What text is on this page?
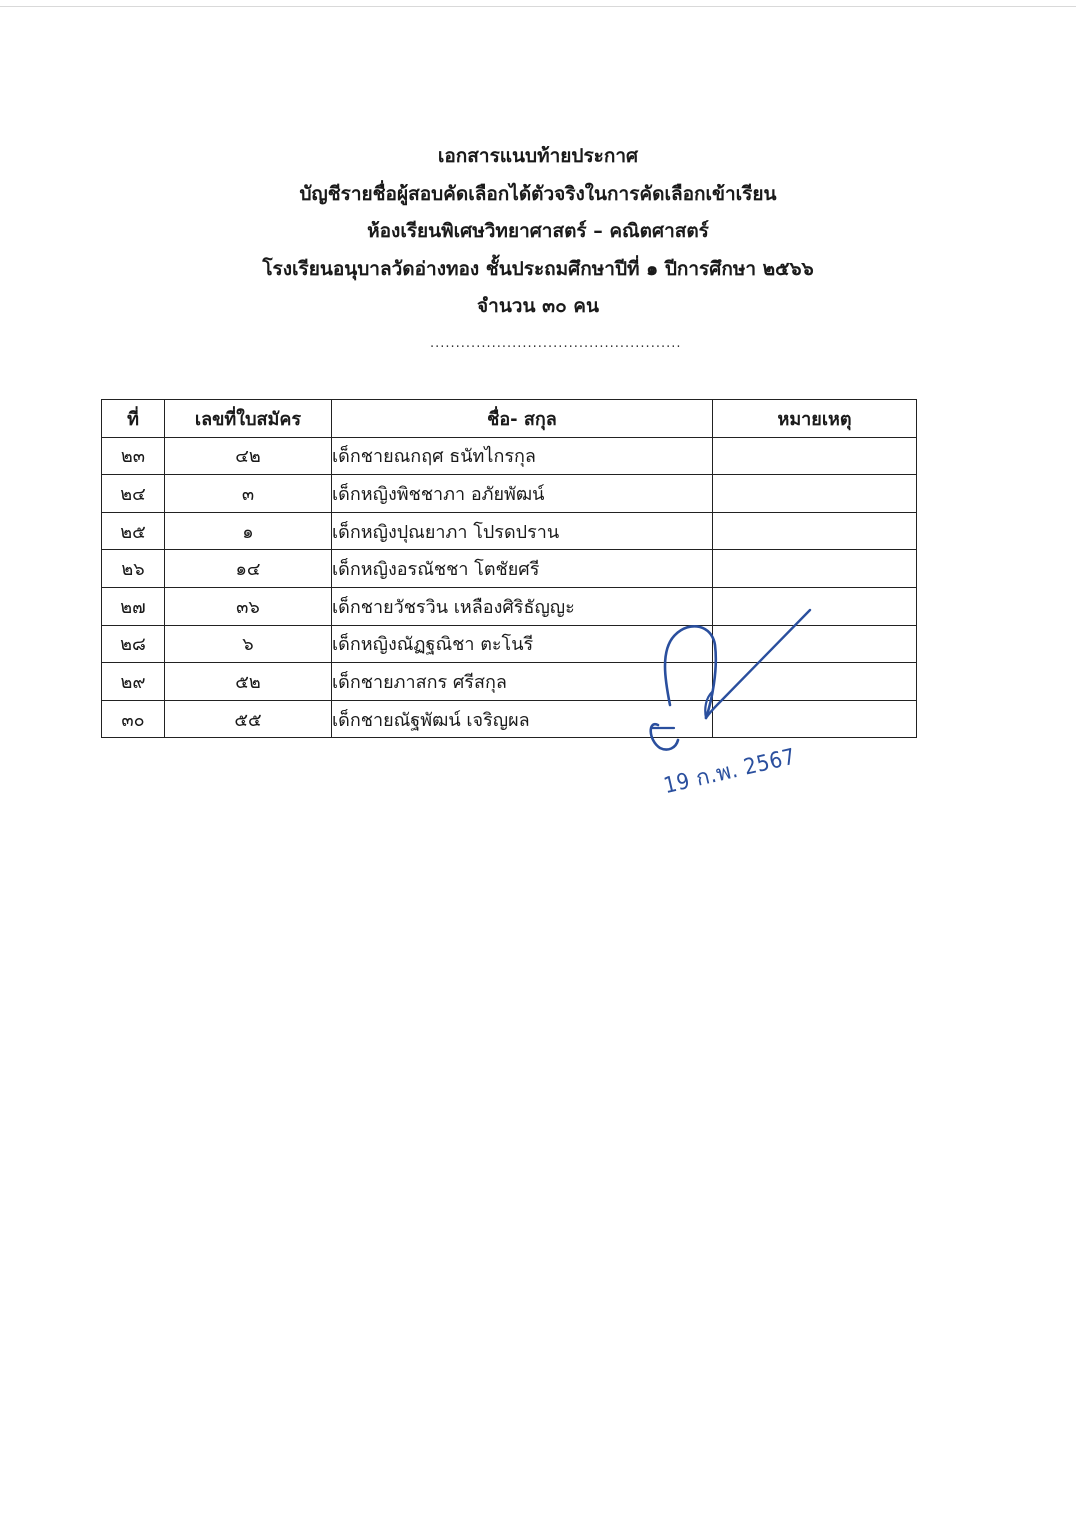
เอกสารแนบท้ายประกาศ
บัญชีรายชื่อผู้สอบคัดเลือกได้ตัวจริงในการคัดเลือกเข้าเรียน
ห้องเรียนพิเศษวิทยาศาสตร์ – คณิตศาสตร์
โรงเรียนอนุบาลวัดอ่างทอง ชั้นประถมศึกษาปีที่ ๑ ปีการศึกษา ๒๕๖๖
จำนวน ๓๐ คน
.................................................
ที่	เลขที่ใบสมัคร	ชื่อ- สกุล	หมายเหตุ
๒๓	๔๒	เด็กชายณกฤศ ธนัทไกรกุล	
๒๔	๓	เด็กหญิงพิชชาภา อภัยพัฒน์	
๒๕	๑	เด็กหญิงปุณยาภา โปรดปราน	
๒๖	๑๔	เด็กหญิงอรณัชชา โตชัยศรี	
๒๗	๓๖	เด็กชายวัชรวิน เหลืองศิริธัญญะ	
๒๘	๖	เด็กหญิงณัฏฐณิชา ตะโนรี	
๒๙	๕๒	เด็กชายภาสกร ศรีสกุล	
๓๐	๕๕	เด็กชายณัฐพัฒน์ เจริญผล	
19 ก.พ. 2567
